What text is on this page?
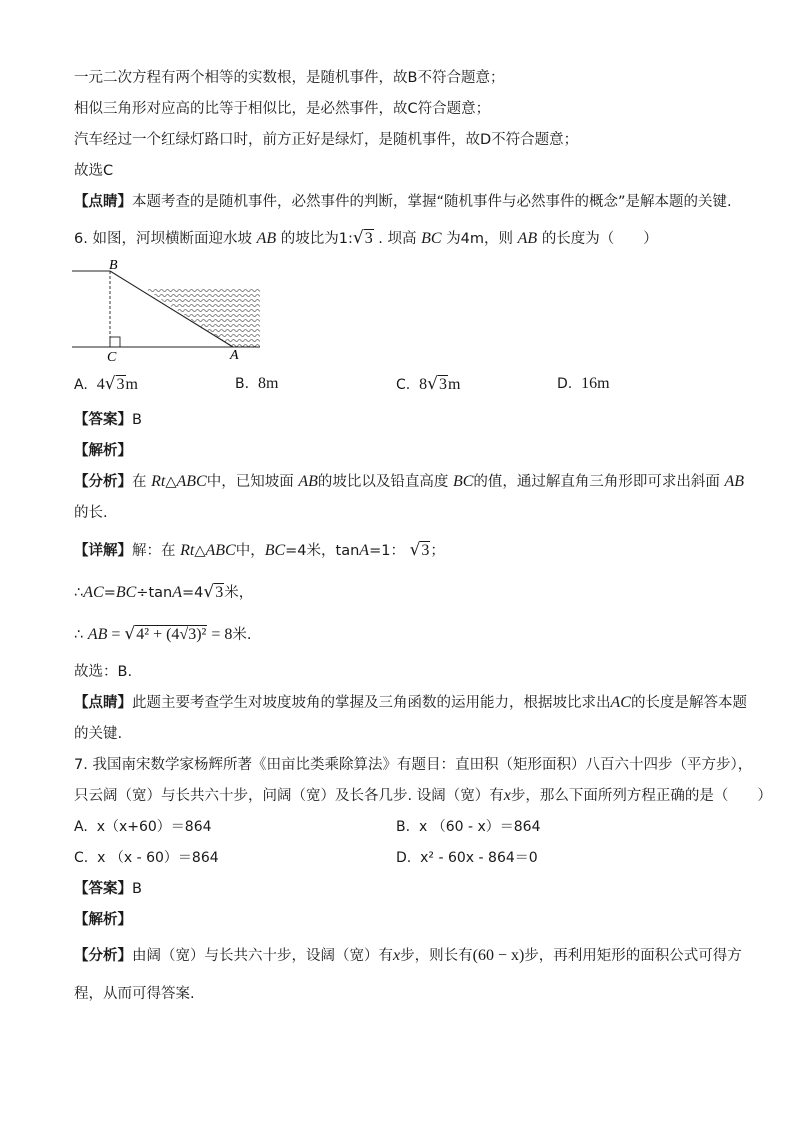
一元二次方程有两个相等的实数根，是随机事件，故B不符合题意；
相似三角形对应高的比等于相似比，是必然事件，故C符合题意；
汽车经过一个红绿灯路口时，前方正好是绿灯，是随机事件，故D不符合题意；
故选C
【点睛】本题考查的是随机事件，必然事件的判断，掌握“随机事件与必然事件的概念”是解本题的关键.
6. 如图，河坝横断面迎水坡 AB 的坡比为1:√3 . 坝高 BC 为4m，则 AB 的长度为（　　）
B
C	A
A. 4√3m	B. 8m	C. 8√3m	D. 16m
【答案】B
【解析】
【分析】在 Rt△ABC中，已知坡面 AB的坡比以及铅直高度 BC的值，通过解直角三角形即可求出斜面 AB
的长.
【详解】解：在 Rt△ABC中，BC=4米，tanA=1： √3；
∴AC=BC÷tanA=4√3米，
∴ AB = √4² + (4√3)² = 8米.
故选：B.
【点睛】此题主要考查学生对坡度坡角的掌握及三角函数的运用能力，根据坡比求出AC的长度是解答本题
的关键.
7. 我国南宋数学家杨辉所著《田亩比类乘除算法》有题目：直田积（矩形面积）八百六十四步（平方步），
只云阔（宽）与长共六十步，问阔（宽）及长各几步. 设阔（宽）有x步，那么下面所列方程正确的是（　　）
A. x（x+60）＝864	B. x （60 - x）＝864
C. x （x - 60）＝864	D. x² - 60x - 864＝0
【答案】B
【解析】
【分析】由阔（宽）与长共六十步，设阔（宽）有x步，则长有(60 − x)步，再利用矩形的面积公式可得方
程，从而可得答案.
